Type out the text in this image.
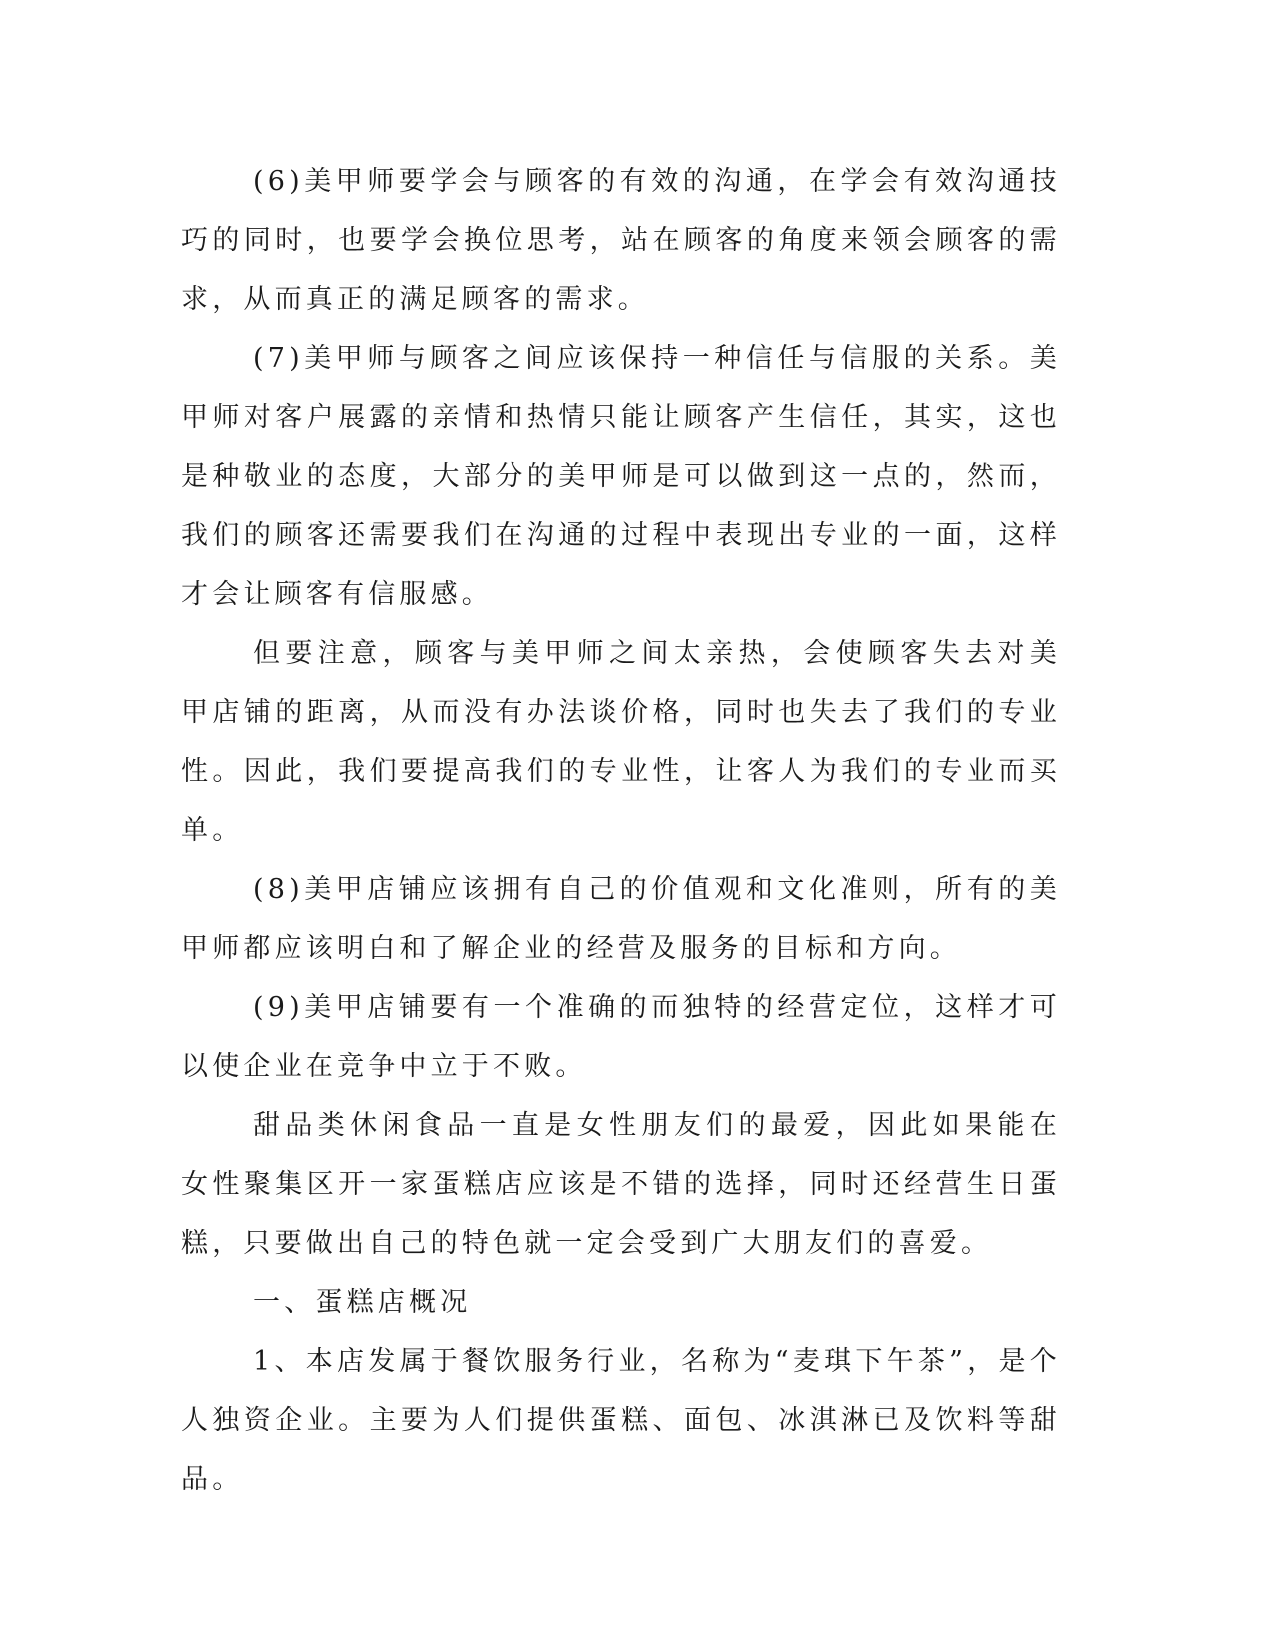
(6)美甲师要学会与顾客的有效的沟通，在学会有效沟通技巧的同时，也要学会换位思考，站在顾客的角度来领会顾客的需求，从而真正的满足顾客的需求。

(7)美甲师与顾客之间应该保持一种信任与信服的关系。美甲师对客户展露的亲情和热情只能让顾客产生信任，其实，这也是种敬业的态度，大部分的美甲师是可以做到这一点的，然而，我们的顾客还需要我们在沟通的过程中表现出专业的一面，这样才会让顾客有信服感。

但要注意，顾客与美甲师之间太亲热，会使顾客失去对美甲店铺的距离，从而没有办法谈价格，同时也失去了我们的专业性。因此，我们要提高我们的专业性，让客人为我们的专业而买单。

(8)美甲店铺应该拥有自己的价值观和文化准则，所有的美甲师都应该明白和了解企业的经营及服务的目标和方向。

(9)美甲店铺要有一个准确的而独特的经营定位，这样才可以使企业在竞争中立于不败。

甜品类休闲食品一直是女性朋友们的最爱，因此如果能在女性聚集区开一家蛋糕店应该是不错的选择，同时还经营生日蛋糕，只要做出自己的特色就一定会受到广大朋友们的喜爱。

一、蛋糕店概况

1、本店发属于餐饮服务行业，名称为“麦琪下午茶”，是个人独资企业。主要为人们提供蛋糕、面包、冰淇淋已及饮料等甜品。
